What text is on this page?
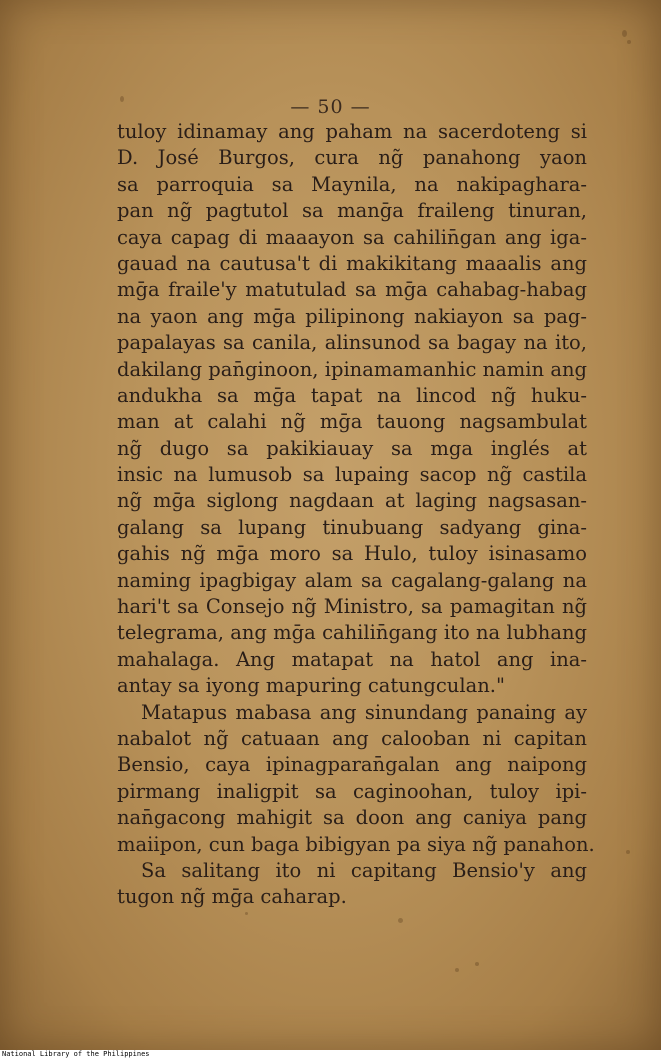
— 50 —
tuloy idinamay ang paham na sacerdoteng si
D. José Burgos, cura ng̃ panahong yaon
sa parroquia sa Maynila, na nakipaghara-
pan ng̃ pagtutol sa manḡa fraileng tinuran,
caya capag di maaayon sa cahilin̄gan ang iga-
gauad na cautusa't di makikitang maaalis ang
mḡa fraile'y matutulad sa mḡa cahabag-habag
na yaon ang mḡa pilipinong nakiayon sa pag-
papalayas sa canila, alinsunod sa bagay na ito,
dakilang pan̄ginoon, ipinamamanhic namin ang
andukha sa mḡa tapat na lincod ng̃ huku-
man at calahi ng̃ mḡa tauong nagsambulat
ng̃ dugo sa pakikiauay sa mga inglés at
insic na lumusob sa lupaing sacop ng̃ castila
ng̃ mḡa siglong nagdaan at laging nagsasan-
galang sa lupang tinubuang sadyang gina-
gahis ng̃ mḡa moro sa Hulo, tuloy isinasamo
naming ipagbigay alam sa cagalang-galang na
hari't sa Consejo ng̃ Ministro, sa pamagitan ng̃
telegrama, ang mḡa cahilin̄gang ito na lubhang
mahalaga. Ang matapat na hatol ang ina-
antay sa iyong mapuring catungculan."
Matapus mabasa ang sinundang panaing ay
nabalot ng̃ catuaan ang calooban ni capitan
Bensio, caya ipinagparan̄galan ang naipong
pirmang inaligpit sa caginoohan, tuloy ipi-
nan̄gacong mahigit sa doon ang caniya pang
maiipon, cun baga bibigyan pa siya ng̃ panahon.
Sa salitang ito ni capitang Bensio'y ang
tugon ng̃ mḡa caharap.
National Library of the Philippines
